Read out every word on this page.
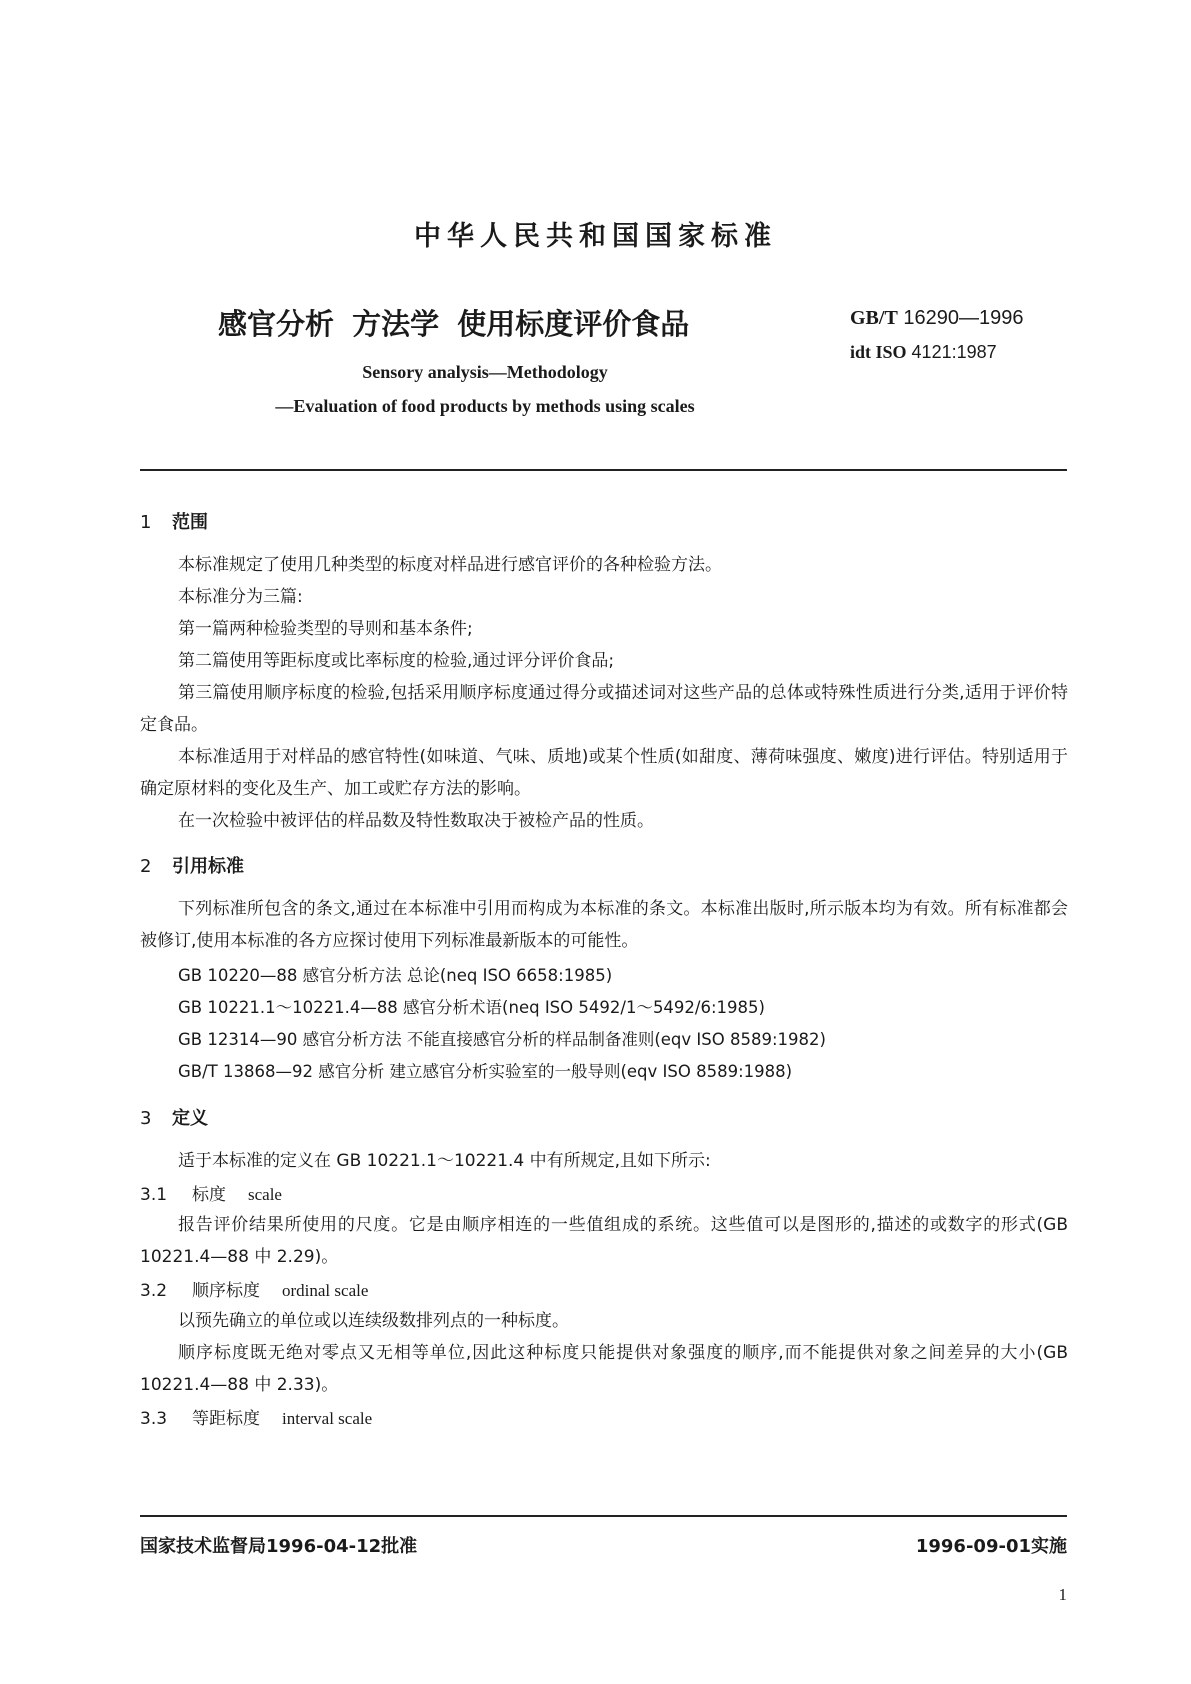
中华人民共和国国家标准
感官分析 方法学 使用标度评价食品	GB/T 16290—1996
idt ISO 4121:1987
Sensory analysis—Methodology
—Evaluation of food products by methods using scales
1 范围
本标准规定了使用几种类型的标度对样品进行感官评价的各种检验方法。
本标准分为三篇:
第一篇两种检验类型的导则和基本条件;
第二篇使用等距标度或比率标度的检验,通过评分评价食品;
第三篇使用顺序标度的检验,包括采用顺序标度通过得分或描述词对这些产品的总体或特殊性质进行分类,适用于评价特定食品。
本标准适用于对样品的感官特性(如味道、气味、质地)或某个性质(如甜度、薄荷味强度、嫩度)进行评估。特别适用于确定原材料的变化及生产、加工或贮存方法的影响。
在一次检验中被评估的样品数及特性数取决于被检产品的性质。
2 引用标准
下列标准所包含的条文,通过在本标准中引用而构成为本标准的条文。本标准出版时,所示版本均为有效。所有标准都会被修订,使用本标准的各方应探讨使用下列标准最新版本的可能性。
GB 10220—88 感官分析方法 总论(neq ISO 6658:1985)
GB 10221.1～10221.4—88 感官分析术语(neq ISO 5492/1～5492/6:1985)
GB 12314—90 感官分析方法 不能直接感官分析的样品制备准则(eqv ISO 8589:1982)
GB/T 13868—92 感官分析 建立感官分析实验室的一般导则(eqv ISO 8589:1988)
3 定义
适于本标准的定义在 GB 10221.1～10221.4 中有所规定,且如下所示:
3.1 标度 scale
报告评价结果所使用的尺度。它是由顺序相连的一些值组成的系统。这些值可以是图形的,描述的或数字的形式(GB 10221.4—88 中 2.29)。
3.2 顺序标度 ordinal scale
以预先确立的单位或以连续级数排列点的一种标度。
顺序标度既无绝对零点又无相等单位,因此这种标度只能提供对象强度的顺序,而不能提供对象之间差异的大小(GB 10221.4—88 中 2.33)。
3.3 等距标度 interval scale
国家技术监督局1996-04-12批准	1996-09-01实施
1
